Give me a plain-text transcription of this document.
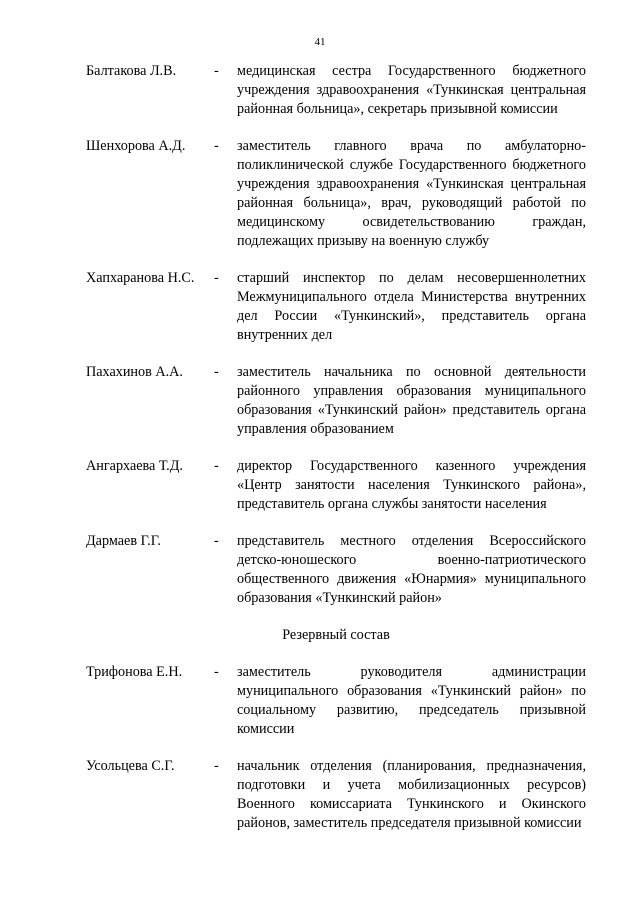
41
Балтакова Л.В.	- медицинская сестра Государственного бюджетного учреждения здравоохранения «Тункинская центральная районная больница», секретарь призывной комиссии
Шенхорова А.Д.	- заместитель главного врача по амбулаторно-поликлинической службе Государственного бюджетного учреждения здравоохранения «Тункинская центральная районная больница», врач, руководящий работой по медицинскому освидетельствованию граждан, подлежащих призыву на военную службу
Хапхаранова Н.С.	- старший инспектор по делам несовершеннолетних Межмуниципального отдела Министерства внутренних дел России «Тункинский», представитель органа внутренних дел
Пахахинов А.А.	- заместитель начальника по основной деятельности районного управления образования муниципального образования «Тункинский район» представитель органа управления образованием
Ангархаева Т.Д.	- директор Государственного казенного учреждения «Центр занятости населения Тункинского района», представитель органа службы занятости населения
Дармаев Г.Г.	- представитель местного отделения Всероссийского детско-юношеского военно-патриотического общественного движения «Юнармия» муниципального образования «Тункинский район»
Резервный состав
Трифонова Е.Н.	- заместитель руководителя администрации муниципального образования «Тункинский район» по социальному развитию, председатель призывной комиссии
Усольцева С.Г.	- начальник отделения (планирования, предназначения, подготовки и учета мобилизационных ресурсов) Военного комиссариата Тункинского и Окинского районов, заместитель председателя призывной комиссии
